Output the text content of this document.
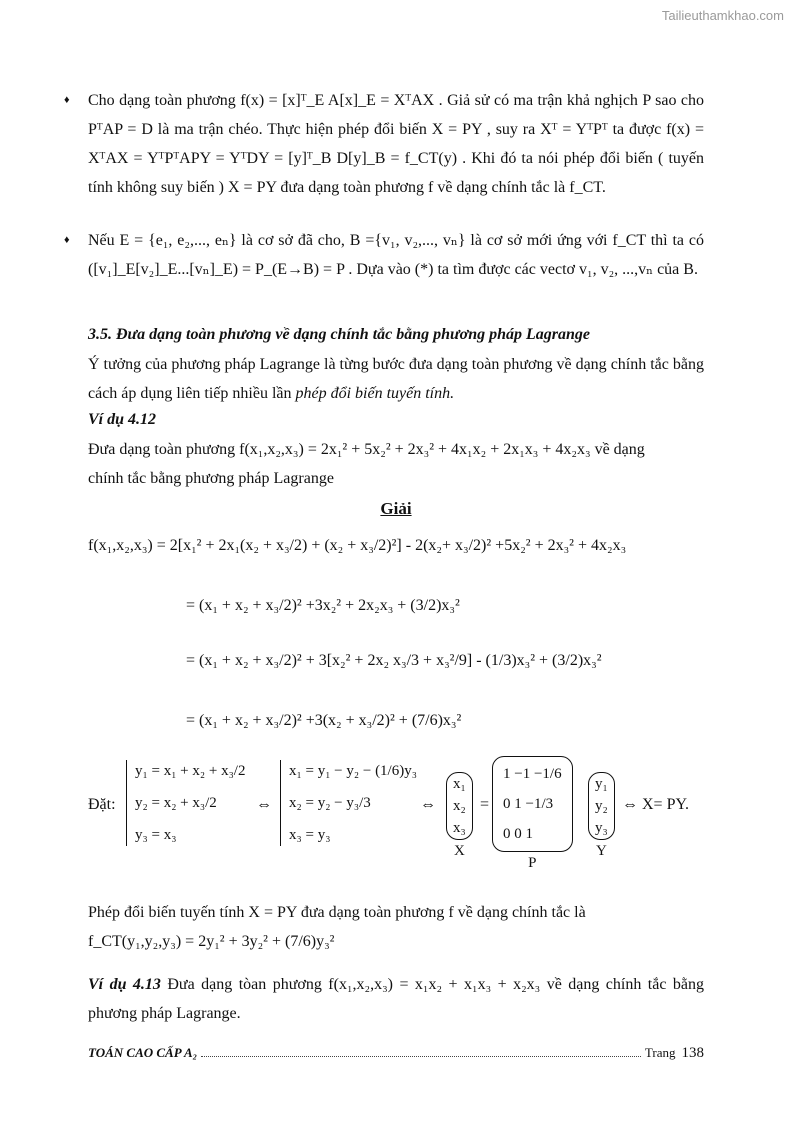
Tailieuthamkhao.com
♦ Cho dạng toàn phương f(x) = [x]ᵀ_E A[x]_E = XᵀAX . Giả sử có ma trận khả nghịch P sao cho PᵀAP = D là ma trận chéo. Thực hiện phép đổi biến X = PY , suy ra Xᵀ = YᵀPᵀ ta được f(x) = XᵀAX = YᵀPᵀAPY = YᵀDY = [y]ᵀ_B D[y]_B = f_CT(y) . Khi đó ta nói phép đổi biến ( tuyến tính không suy biến ) X = PY đưa dạng toàn phương f về dạng chính tắc là f_CT.
♦ Nếu E = {e₁, e₂,..., eₙ} là cơ sở đã cho, B ={v₁, v₂,..., vₙ} là cơ sở mới ứng với f_CT thì ta có ([v₁]_E[v₂]_E...[vₙ]_E) = P_(E→B) = P . Dựa vào (*) ta tìm được các vectơ v₁, v₂, ...,vₙ của B.
3.5. Đưa dạng toàn phương về dạng chính tắc bằng phương pháp Lagrange
Ý tưởng của phương pháp Lagrange là từng bước đưa dạng toàn phương về dạng chính tắc bằng cách áp dụng liên tiếp nhiều lần phép đổi biến tuyến tính.
Ví dụ 4.12
Đưa dạng toàn phương f(x₁,x₂,x₃) = 2x₁² + 5x₂² + 2x₃² + 4x₁x₂ + 2x₁x₃ + 4x₂x₃ về dạng
chính tắc bằng phương pháp Lagrange
Giải
f(x₁,x₂,x₃) = 2[x₁² + 2x₁(x₂ + x₃/2) + (x₂ + x₃/2)²] - 2(x₂+ x₃/2)² +5x₂² + 2x₃² + 4x₂x₃
= (x₁ + x₂ + x₃/2)² +3x₂² + 2x₂x₃ + (3/2)x₃²
= (x₁ + x₂ + x₃/2)² + 3[x₂² + 2x₂ x₃/3 + x₃²/9] - (1/3)x₃² + (3/2)x₃²
= (x₁ + x₂ + x₃/2)² +3(x₂ + x₃/2)² + (7/6)x₃²
Đặt:
y₁ = x₁ + x₂ + x₃/2
y₂ = x₂ + x₃/2
y₃ = x₃
⇔
x₁ = y₁ − y₂ − (1/6)y₃
x₂ = y₂ − y₃/3
x₃ = y₃
⇔
x₁
x₂
x₃
X
=
1 −1 −1/6
0 1 −1/3
0 0 1
P
y₁
y₂
y₃
Y
⇔ X= PY.
Phép đổi biến tuyến tính X = PY đưa dạng toàn phương f về dạng chính tắc là
f_CT(y₁,y₂,y₃) = 2y₁² + 3y₂² + (7/6)y₃²
Ví dụ 4.13 Đưa dạng tòan phương f(x₁,x₂,x₃) = x₁x₂ + x₁x₃ + x₂x₃ về dạng chính tắc bằng phương pháp Lagrange.
TOÁN CAO CẤP A₂	Trang 138
